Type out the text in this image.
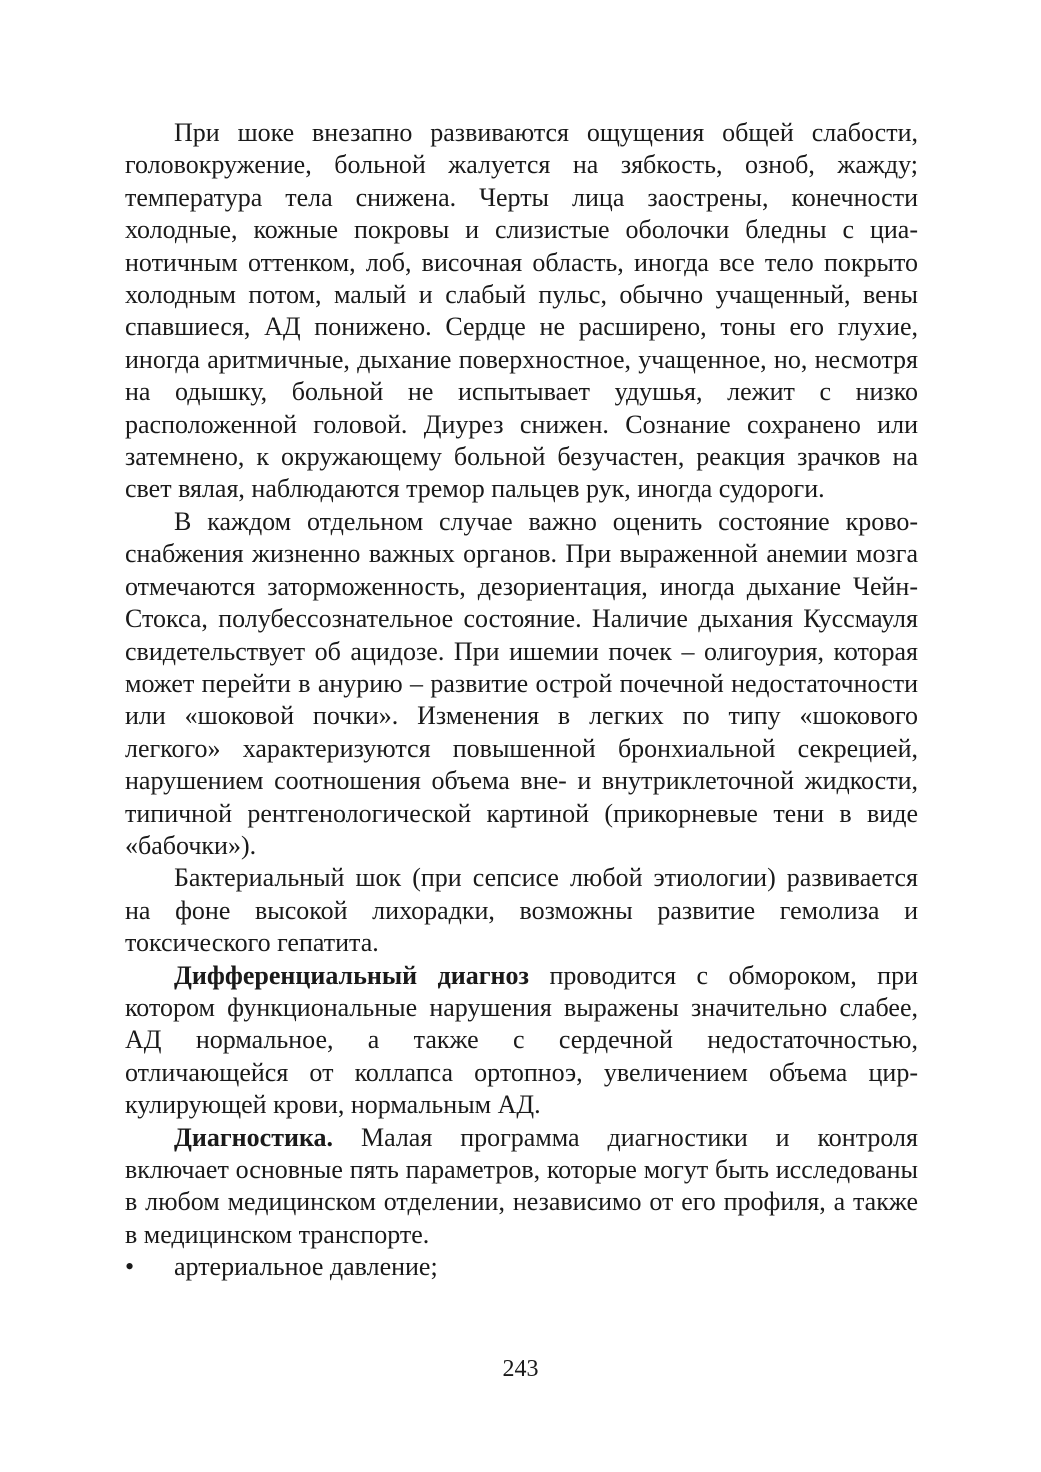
При шоке внезапно развиваются ощущения общей слабости, головокружение, больной жалуется на зябкость, озноб, жажду; температура тела снижена. Черты лица заострены, конечности холодные, кожные покровы и слизистые оболочки бледны с цианотичным оттенком, лоб, височная область, иногда все тело покрыто холодным потом, малый и слабый пульс, обычно учащенный, вены спавшиеся, АД понижено. Сердце не расширено, тоны его глухие, иногда аритмичные, дыхание поверхностное, учащенное, но, несмотря на одышку, больной не испытывает удушья, лежит с низко расположенной головой. Диурез снижен. Сознание сохранено или затемнено, к окружающему больной безучастен, реакция зрачков на свет вялая, наблюдаются тремор пальцев рук, иногда судороги.

В каждом отдельном случае важно оценить состояние кровоснабжения жизненно важных органов. При выраженной анемии мозга отмечаются заторможенность, дезориентация, иногда дыхание Чейн-Стокса, полубессознательное состояние. Наличие дыхания Куссмауля свидетельствует об ацидозе. При ишемии почек – олигоурия, которая может перейти в анурию – развитие острой почечной недостаточности или «шоковой почки». Изменения в легких по типу «шокового легкого» характеризуются повышенной бронхиальной секрецией, нарушением соотношения объема вне- и внутриклеточной жидкости, типичной рентгенологической картиной (прикорневые тени в виде «бабочки»).

Бактериальный шок (при сепсисе любой этиологии) развивается на фоне высокой лихорадки, возможны развитие гемолиза и токсического гепатита.

Дифференциальный диагноз проводится с обмороком, при котором функциональные нарушения выражены значительно слабее, АД нормальное, а также с сердечной недостаточностью, отличающейся от коллапса ортопноэ, увеличением объема циркулирующей крови, нормальным АД.

Диагностика. Малая программа диагностики и контроля включает основные пять параметров, которые могут быть исследованы в любом медицинском отделении, независимо от его профиля, а также в медицинском транспорте.

•	артериальное давление;
243
